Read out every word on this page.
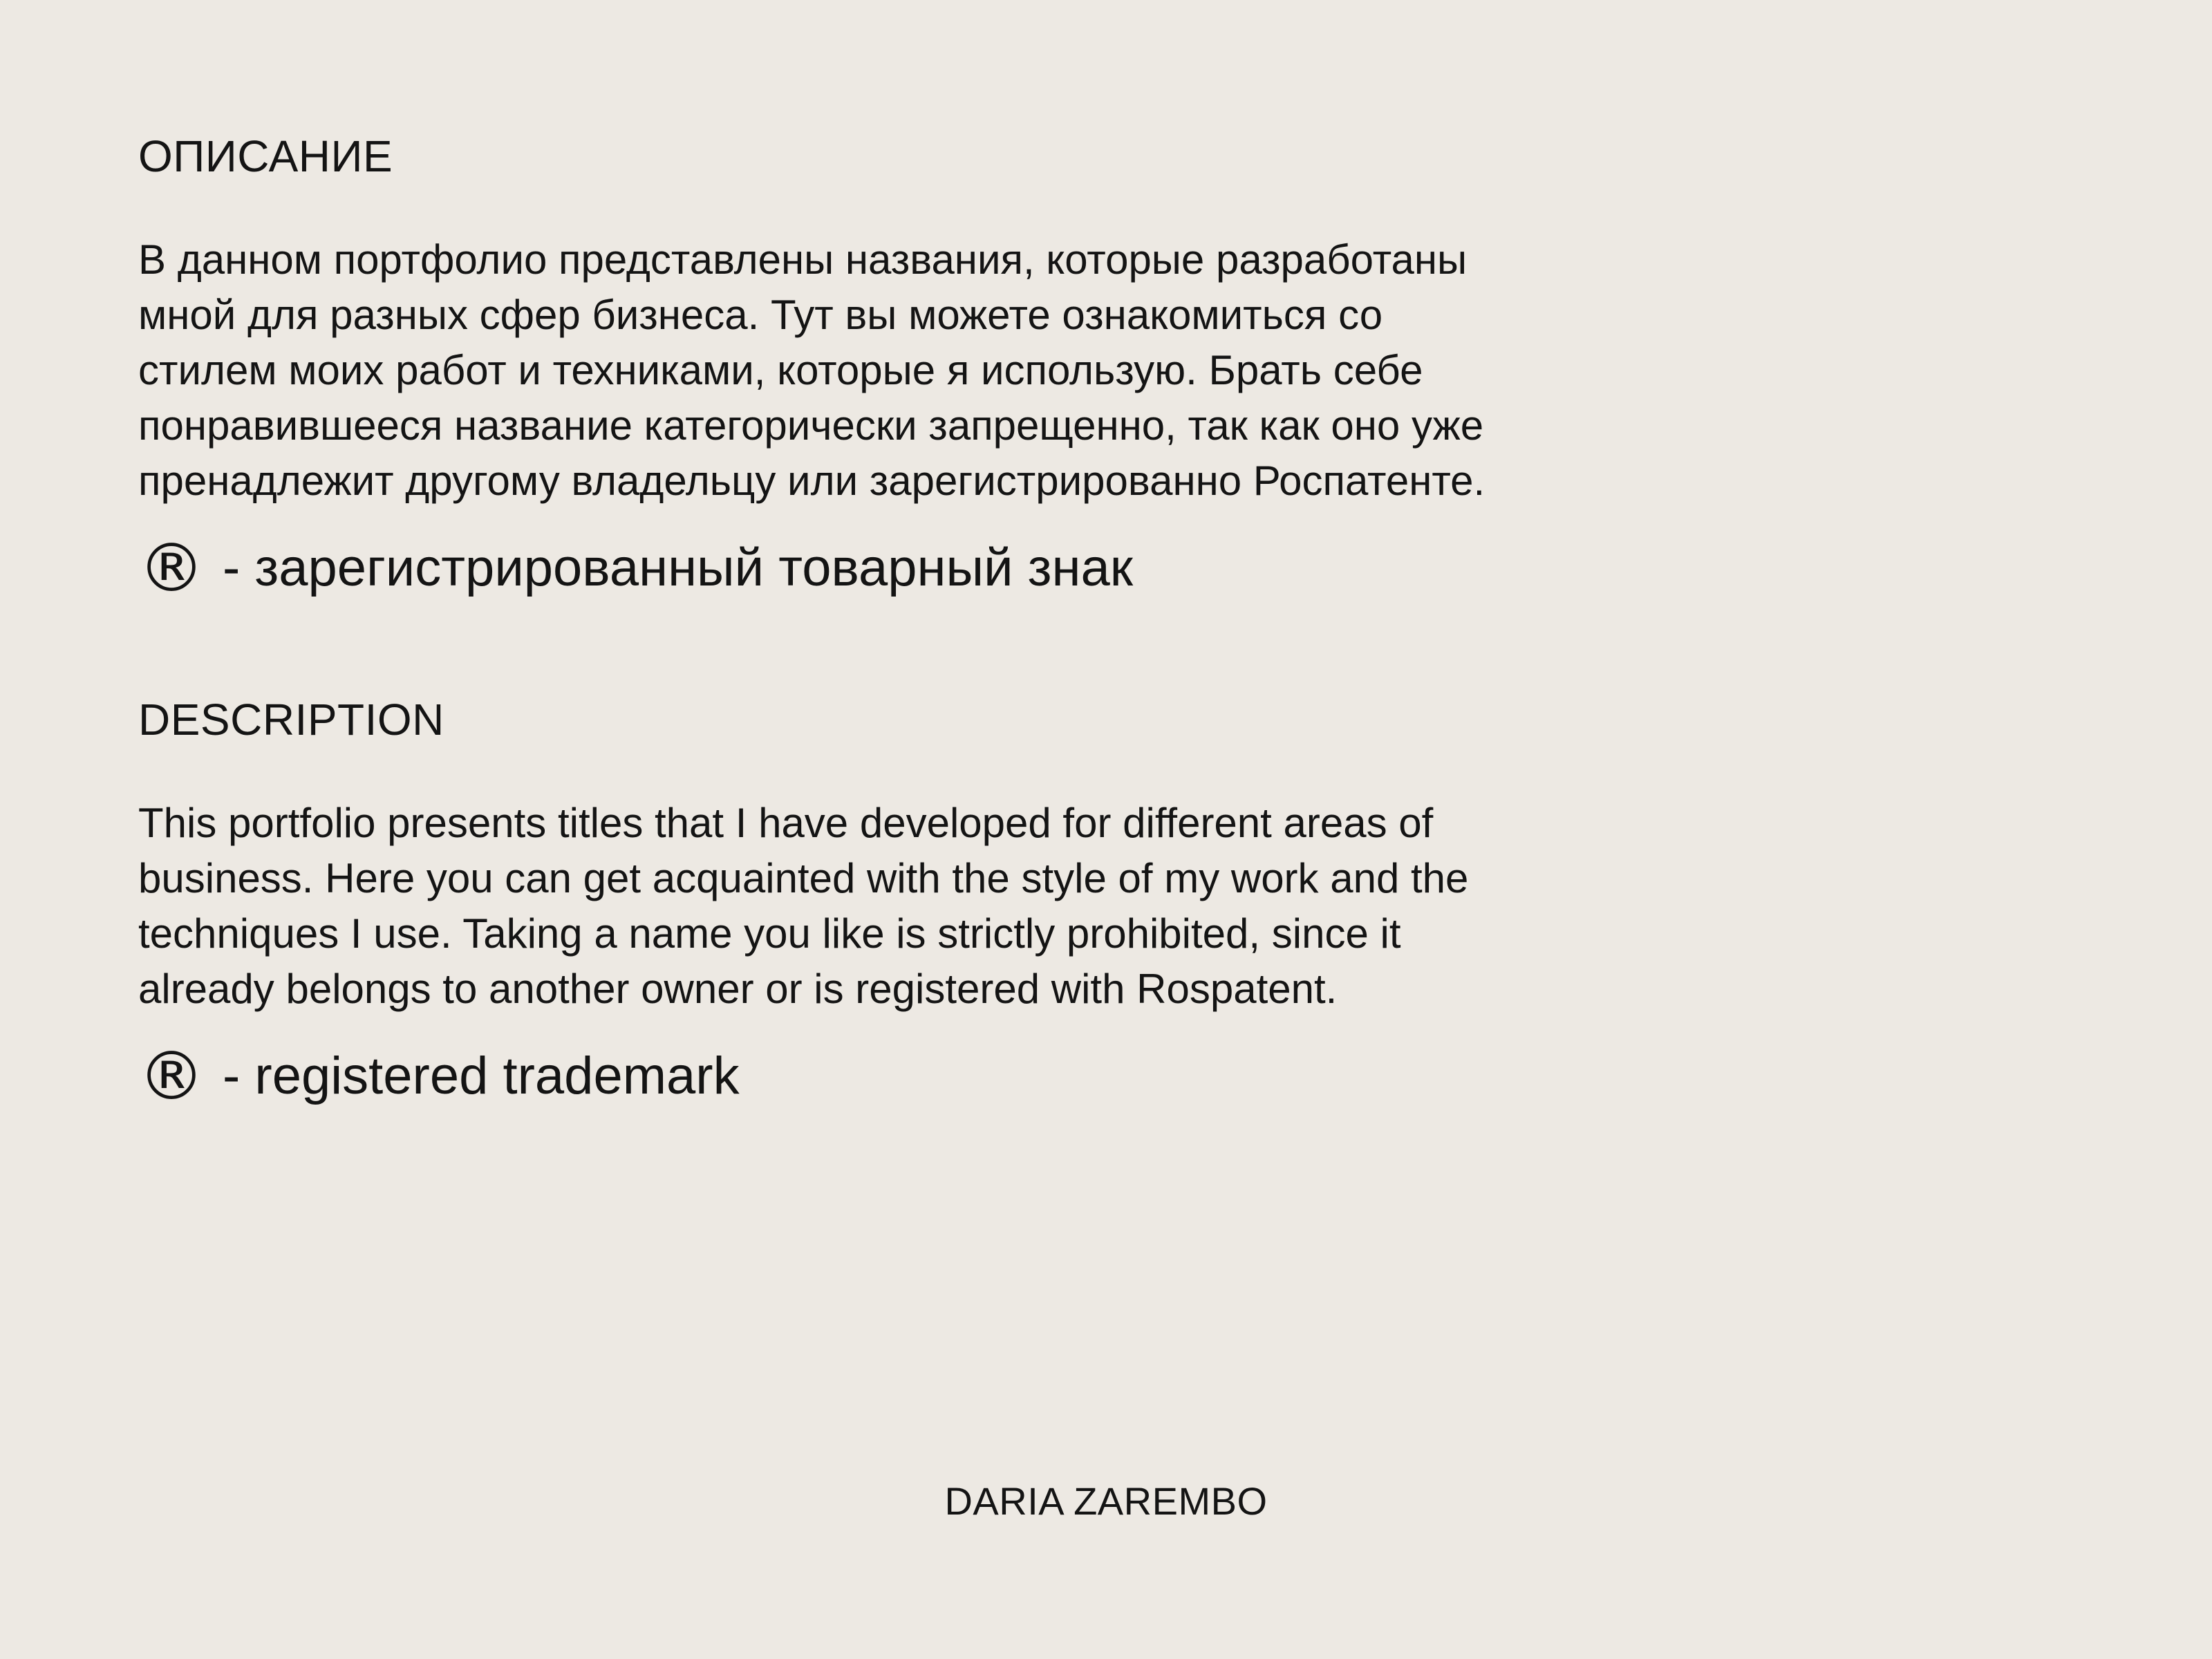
ОПИСАНИЕ

В данном портфолио представлены названия, которые разработаны
мной для разных сфер бизнеса. Тут вы можете ознакомиться со
стилем моих работ и техниками, которые я использую. Брать себе
понравившееся название категорически запрещенно, так как оно уже
пренадлежит другому владельцу или зарегистрированно Роспатенте.

® - зарегистрированный товарный знак
DESCRIPTION

This portfolio presents titles that I have developed for different areas of
business. Here you can get acquainted with the style of my work and the
techniques I use. Taking a name you like is strictly prohibited, since it
already belongs to another owner or is registered with Rospatent.

® - registered trademark
DARIA ZAREMBO
